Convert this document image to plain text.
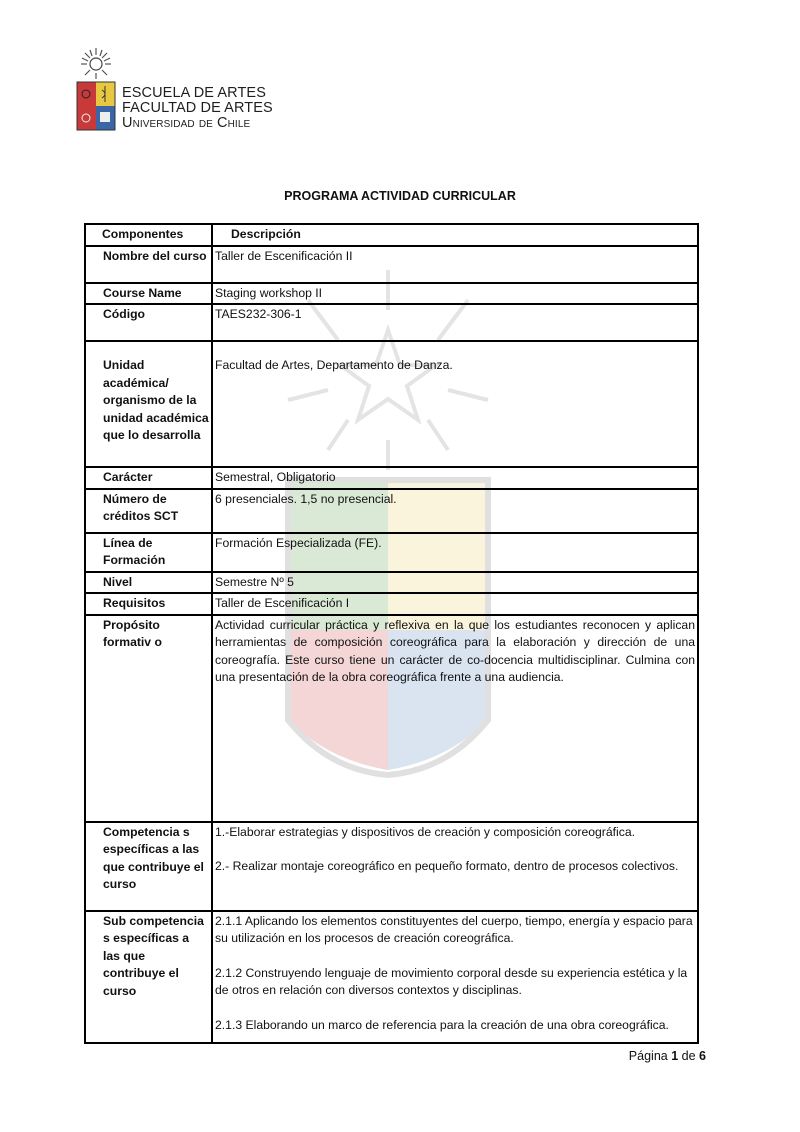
ESCUELA DE ARTES
FACULTAD DE ARTES
Universidad de Chile
PROGRAMA ACTIVIDAD CURRICULAR
Componentes	Descripción
Nombre del curso	Taller de Escenificación II
Course Name	Staging workshop II
Código	TAES232-306-1
Unidad académica/ organismo de la unidad académica que lo desarrolla	Facultad de Artes, Departamento de Danza.
Carácter	Semestral, Obligatorio
Número de créditos SCT	6 presenciales. 1,5 no presencial.
Línea de Formación	Formación Especializada (FE).
Nivel	Semestre Nº 5
Requisitos	Taller de Escenificación I
Propósito formativ o	Actividad curricular práctica y reflexiva en la que los estudiantes reconocen y aplican herramientas de composición coreográfica para la elaboración y dirección de una coreografía. Este curso tiene un carácter de co-docencia multidisciplinar. Culmina con una presentación de la obra coreográfica frente a una audiencia.
Competencia s específicas a las que contribuye el curso	1.-Elaborar estrategias y dispositivos de creación y composición coreográfica.
2.- Realizar montaje coreográfico en pequeño formato, dentro de procesos colectivos.

Sub competencia s específicas a las que contribuye el curso	2.1.1 Aplicando los elementos constituyentes del cuerpo, tiempo, energía y espacio para su utilización en los procesos de creación coreográfica.
2.1.2 Construyendo lenguaje de movimiento corporal desde su experiencia estética y la de otros en relación con diversos contextos y disciplinas.
2.1.3 Elaborando un marco de referencia para la creación de una obra coreográfica.
Página 1 de 6
